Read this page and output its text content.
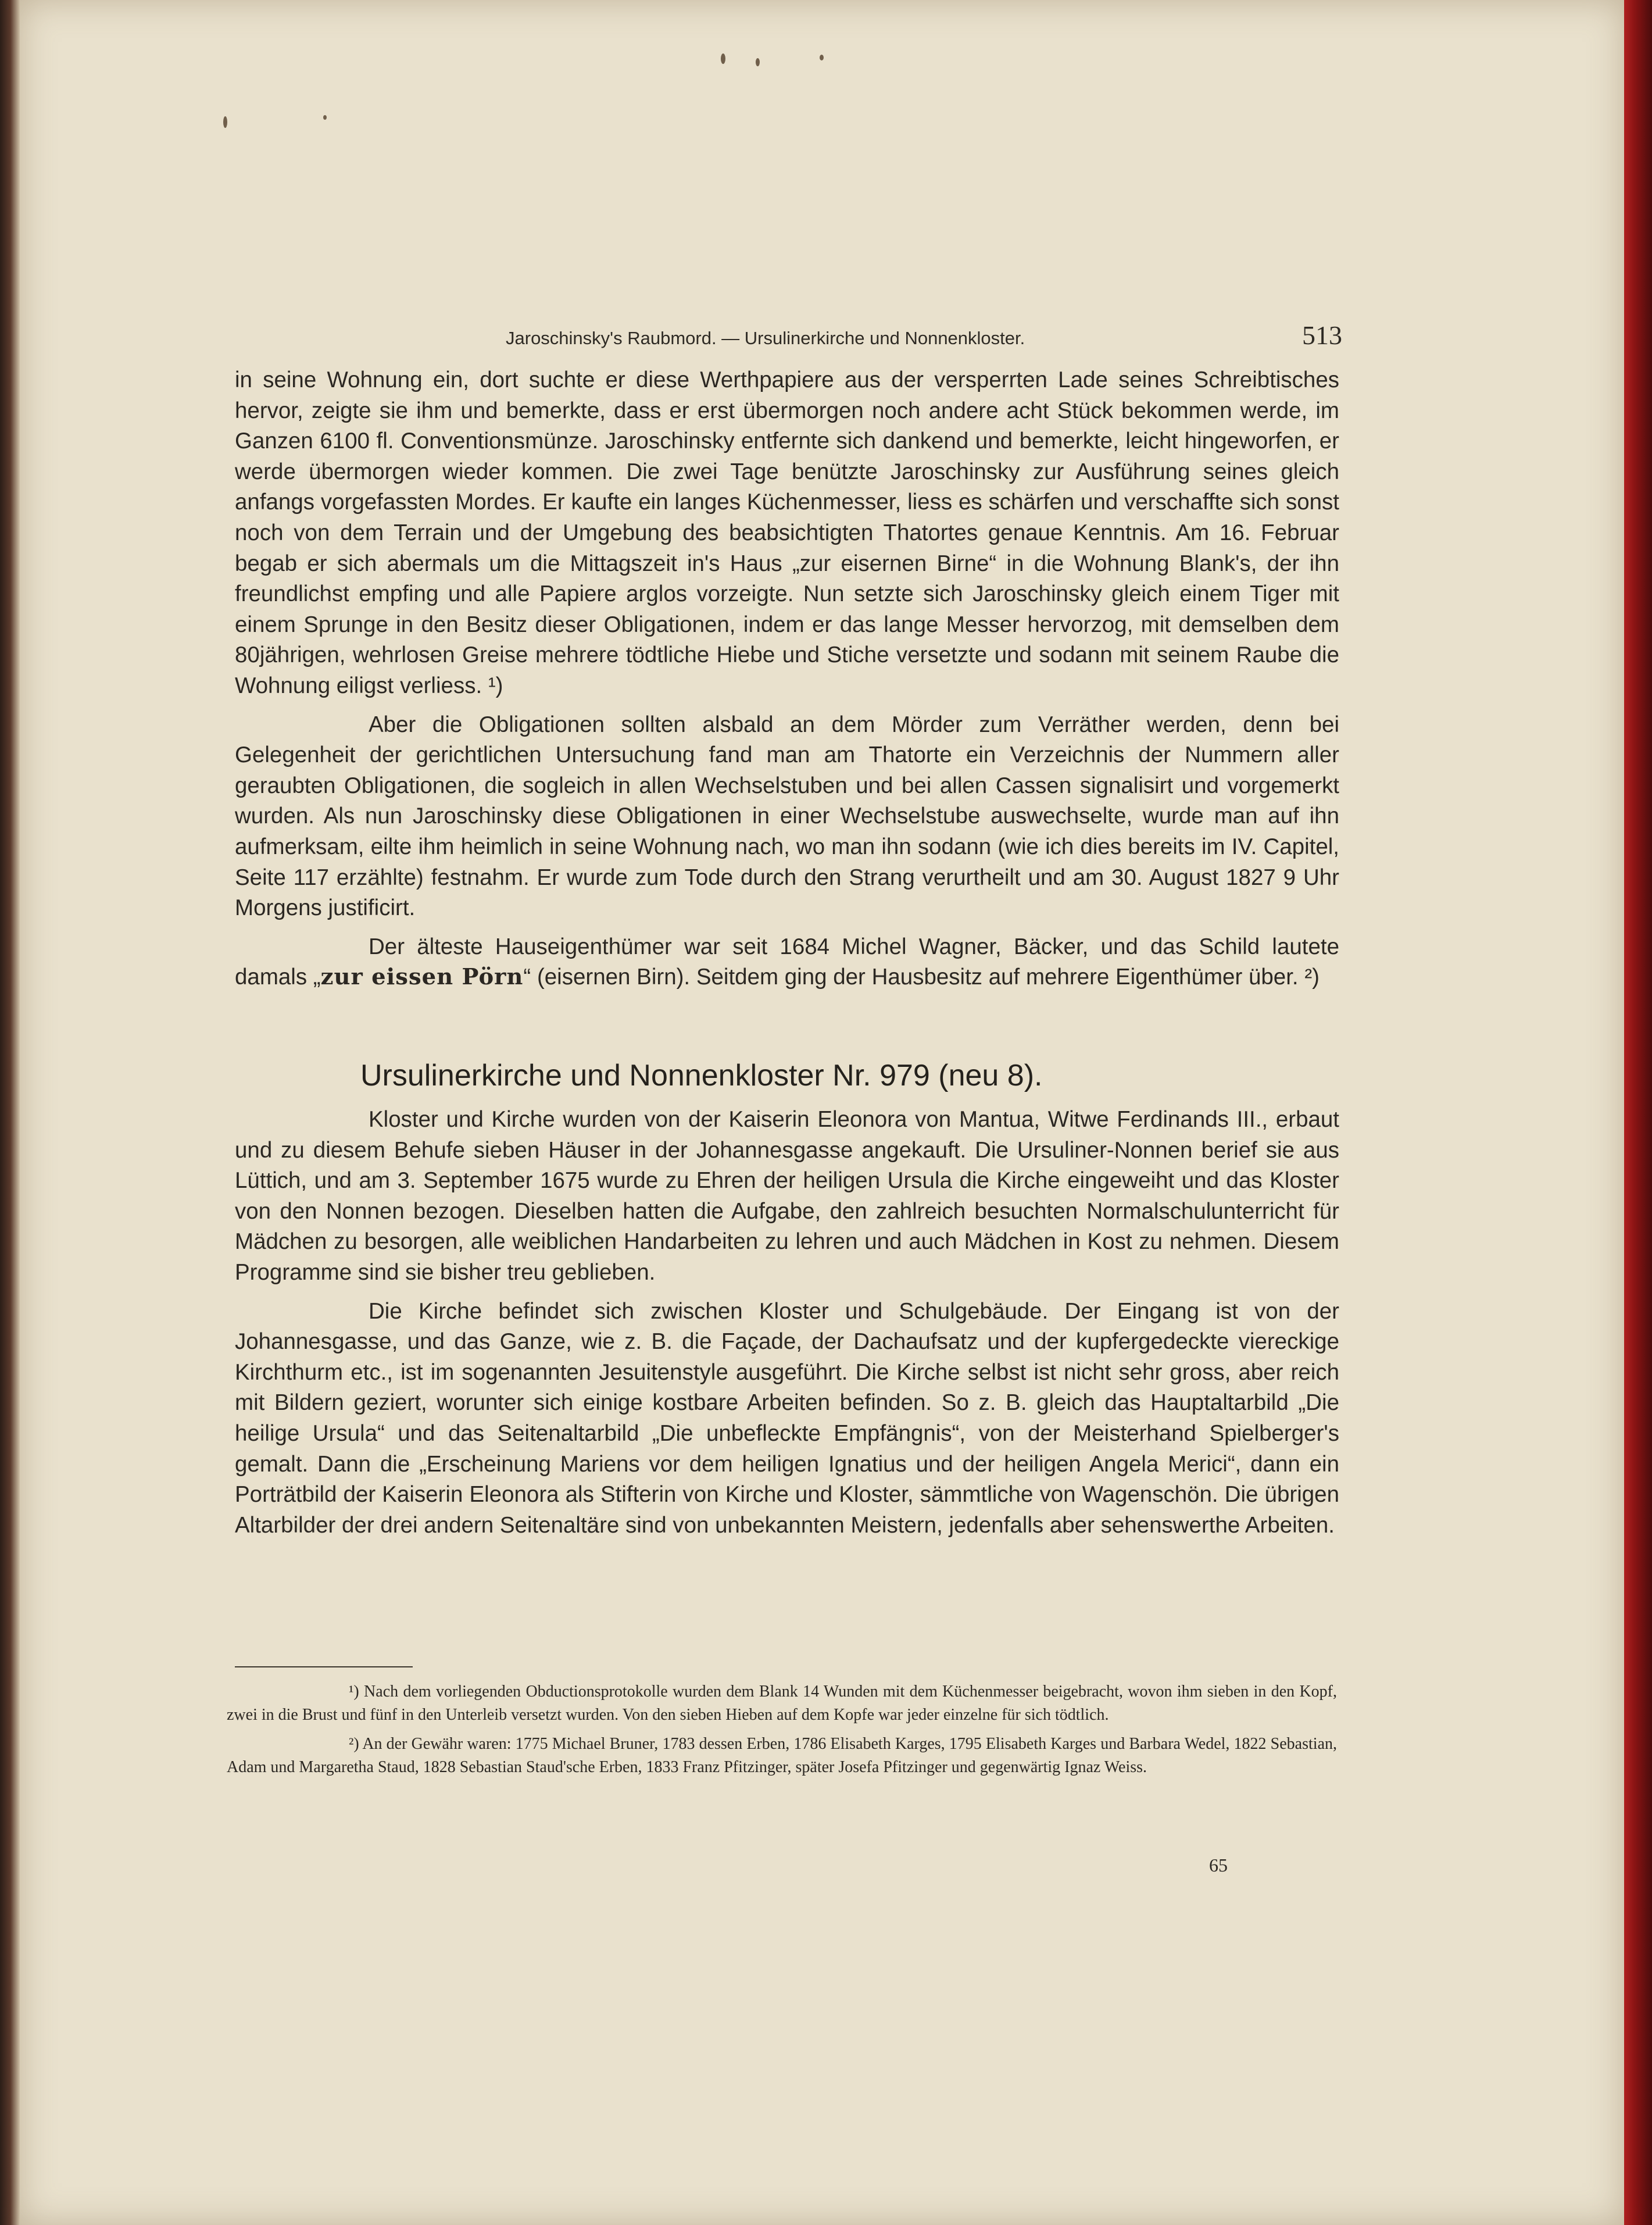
Jaroschinsky's Raubmord. — Ursulinerkirche und Nonnenkloster.	513

in seine Wohnung ein, dort suchte er diese Werthpapiere aus der versperrten Lade seines Schreibtisches hervor, zeigte sie ihm und bemerkte, dass er erst übermorgen noch andere acht Stück bekommen werde, im Ganzen 6100 fl. Conventionsmünze. Jaroschinsky entfernte sich dankend und bemerkte, leicht hingeworfen, er werde übermorgen wieder kommen. Die zwei Tage benützte Jaroschinsky zur Ausführung seines gleich anfangs vorgefassten Mordes. Er kaufte ein langes Küchenmesser, liess es schärfen und verschaffte sich sonst noch von dem Terrain und der Umgebung des beabsichtigten Thatortes genaue Kenntnis. Am 16. Februar begab er sich abermals um die Mittagszeit in's Haus „zur eisernen Birne“ in die Wohnung Blank's, der ihn freundlichst empfing und alle Papiere arglos vorzeigte. Nun setzte sich Jaroschinsky gleich einem Tiger mit einem Sprunge in den Besitz dieser Obligationen, indem er das lange Messer hervorzog, mit demselben dem 80jährigen, wehrlosen Greise mehrere tödtliche Hiebe und Stiche versetzte und sodann mit seinem Raube die Wohnung eiligst verliess. ¹)

Aber die Obligationen sollten alsbald an dem Mörder zum Verräther werden, denn bei Gelegenheit der gerichtlichen Untersuchung fand man am Thatorte ein Verzeichnis der Nummern aller geraubten Obligationen, die sogleich in allen Wechselstuben und bei allen Cassen signalisirt und vorgemerkt wurden. Als nun Jaroschinsky diese Obligationen in einer Wechselstube auswechselte, wurde man auf ihn aufmerksam, eilte ihm heimlich in seine Wohnung nach, wo man ihn sodann (wie ich dies bereits im IV. Capitel, Seite 117 erzählte) festnahm. Er wurde zum Tode durch den Strang verurtheilt und am 30. August 1827 9 Uhr Morgens justificirt.

Der älteste Hauseigenthümer war seit 1684 Michel Wagner, Bäcker, und das Schild lautete damals „zur eissen Pörn“ (eisernen Birn). Seitdem ging der Hausbesitz auf mehrere Eigenthümer über. ²)

Ursulinerkirche und Nonnenkloster Nr. 979 (neu 8).

Kloster und Kirche wurden von der Kaiserin Eleonora von Mantua, Witwe Ferdinands III., erbaut und zu diesem Behufe sieben Häuser in der Johannesgasse angekauft. Die Ursuliner-Nonnen berief sie aus Lüttich, und am 3. September 1675 wurde zu Ehren der heiligen Ursula die Kirche eingeweiht und das Kloster von den Nonnen bezogen. Dieselben hatten die Aufgabe, den zahlreich besuchten Normalschulunterricht für Mädchen zu besorgen, alle weiblichen Handarbeiten zu lehren und auch Mädchen in Kost zu nehmen. Diesem Programme sind sie bisher treu geblieben.

Die Kirche befindet sich zwischen Kloster und Schulgebäude. Der Eingang ist von der Johannesgasse, und das Ganze, wie z. B. die Façade, der Dachaufsatz und der kupfergedeckte viereckige Kirchthurm etc., ist im sogenannten Jesuitenstyle ausgeführt. Die Kirche selbst ist nicht sehr gross, aber reich mit Bildern geziert, worunter sich einige kostbare Arbeiten befinden. So z. B. gleich das Hauptaltarbild „Die heilige Ursula“ und das Seitenaltarbild „Die unbefleckte Empfängnis“, von der Meisterhand Spielberger's gemalt. Dann die „Erscheinung Mariens vor dem heiligen Ignatius und der heiligen Angela Merici“, dann ein Porträtbild der Kaiserin Eleonora als Stifterin von Kirche und Kloster, sämmtliche von Wagenschön. Die übrigen Altarbilder der drei andern Seitenaltäre sind von unbekannten Meistern, jedenfalls aber sehenswerthe Arbeiten.

¹) Nach dem vorliegenden Obductionsprotokolle wurden dem Blank 14 Wunden mit dem Küchenmesser beigebracht, wovon ihm sieben in den Kopf, zwei in die Brust und fünf in den Unterleib versetzt wurden. Von den sieben Hieben auf dem Kopfe war jeder einzelne für sich tödtlich.

²) An der Gewähr waren: 1775 Michael Bruner, 1783 dessen Erben, 1786 Elisabeth Karges, 1795 Elisabeth Karges und Barbara Wedel, 1822 Sebastian, Adam und Margaretha Staud, 1828 Sebastian Staud'sche Erben, 1833 Franz Pfitzinger, später Josefa Pfitzinger und gegenwärtig Ignaz Weiss.

65
